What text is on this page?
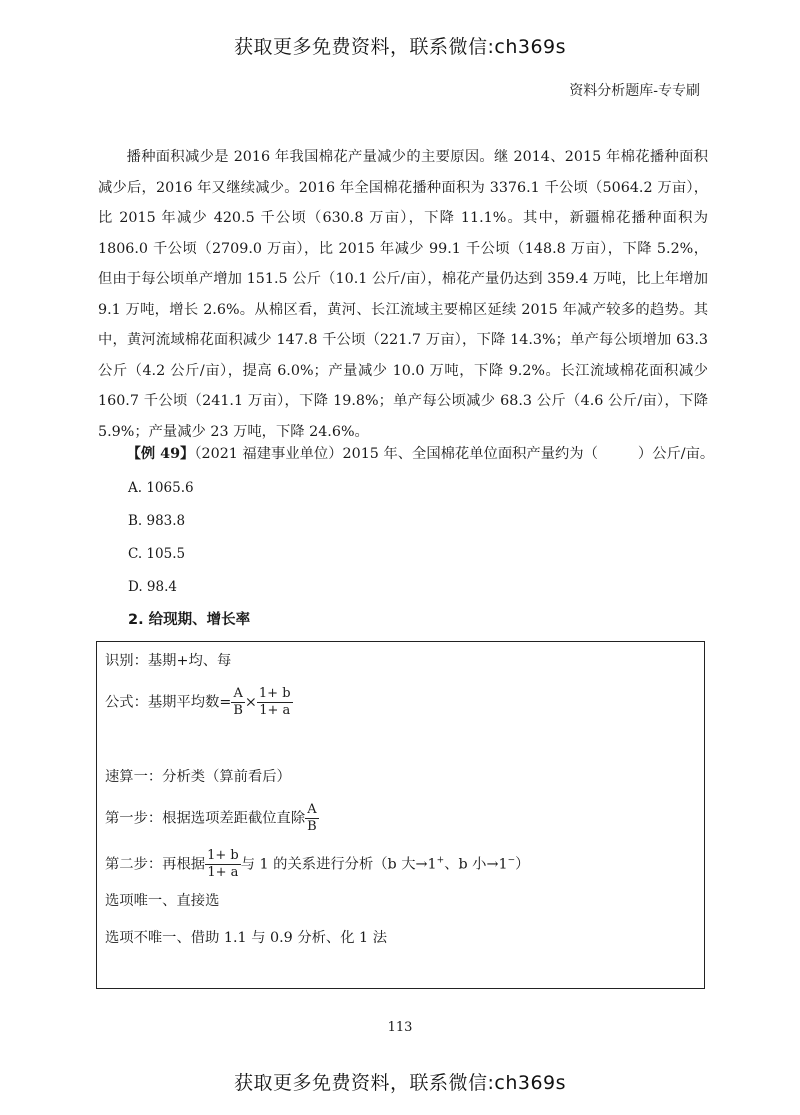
获取更多免费资料，联系微信:ch369s
资料分析题库-专专刷

播种面积减少是 2016 年我国棉花产量减少的主要原因。继 2014、2015 年棉花播种面积减少后，2016 年又继续减少。2016 年全国棉花播种面积为 3376.1 千公顷（5064.2 万亩），比 2015 年减少 420.5 千公顷（630.8 万亩），下降 11.1%。其中，新疆棉花播种面积为 1806.0 千公顷（2709.0 万亩），比 2015 年减少 99.1 千公顷（148.8 万亩），下降 5.2%，但由于每公顷单产增加 151.5 公斤（10.1 公斤/亩），棉花产量仍达到 359.4 万吨，比上年增加 9.1 万吨，增长 2.6%。从棉区看，黄河、长江流域主要棉区延续 2015 年减产较多的趋势。其中，黄河流域棉花面积减少 147.8 千公顷（221.7 万亩），下降 14.3%；单产每公顷增加 63.3 公斤（4.2 公斤/亩），提高 6.0%；产量减少 10.0 万吨，下降 9.2%。长江流域棉花面积减少 160.7 千公顷（241.1 万亩），下降 19.8%；单产每公顷减少 68.3 公斤（4.6 公斤/亩），下降 5.9%；产量减少 23 万吨，下降 24.6%。

【例 49】（2021 福建事业单位）2015 年、全国棉花单位面积产量约为（	）公斤/亩。

A. 1065.6
B. 983.8
C. 105.5
D. 98.4
2. 给现期、增长率
识别：基期+均、每
公式：基期平均数= $\frac{A}{B} \times \frac{1+ b}{1+ a}$
速算一：分析类（算前看后）
第一步：根据选项差距截位直除 $\frac{A}{B}$
第二步：再根据 $\frac{1+ b}{1+ a}$ 与 1 的关系进行分析（b 大→1+、b 小→1−）
选项唯一、直接选
选项不唯一、借助 1.1 与 0.9 分析、化 1 法
113
获取更多免费资料，联系微信:ch369s
